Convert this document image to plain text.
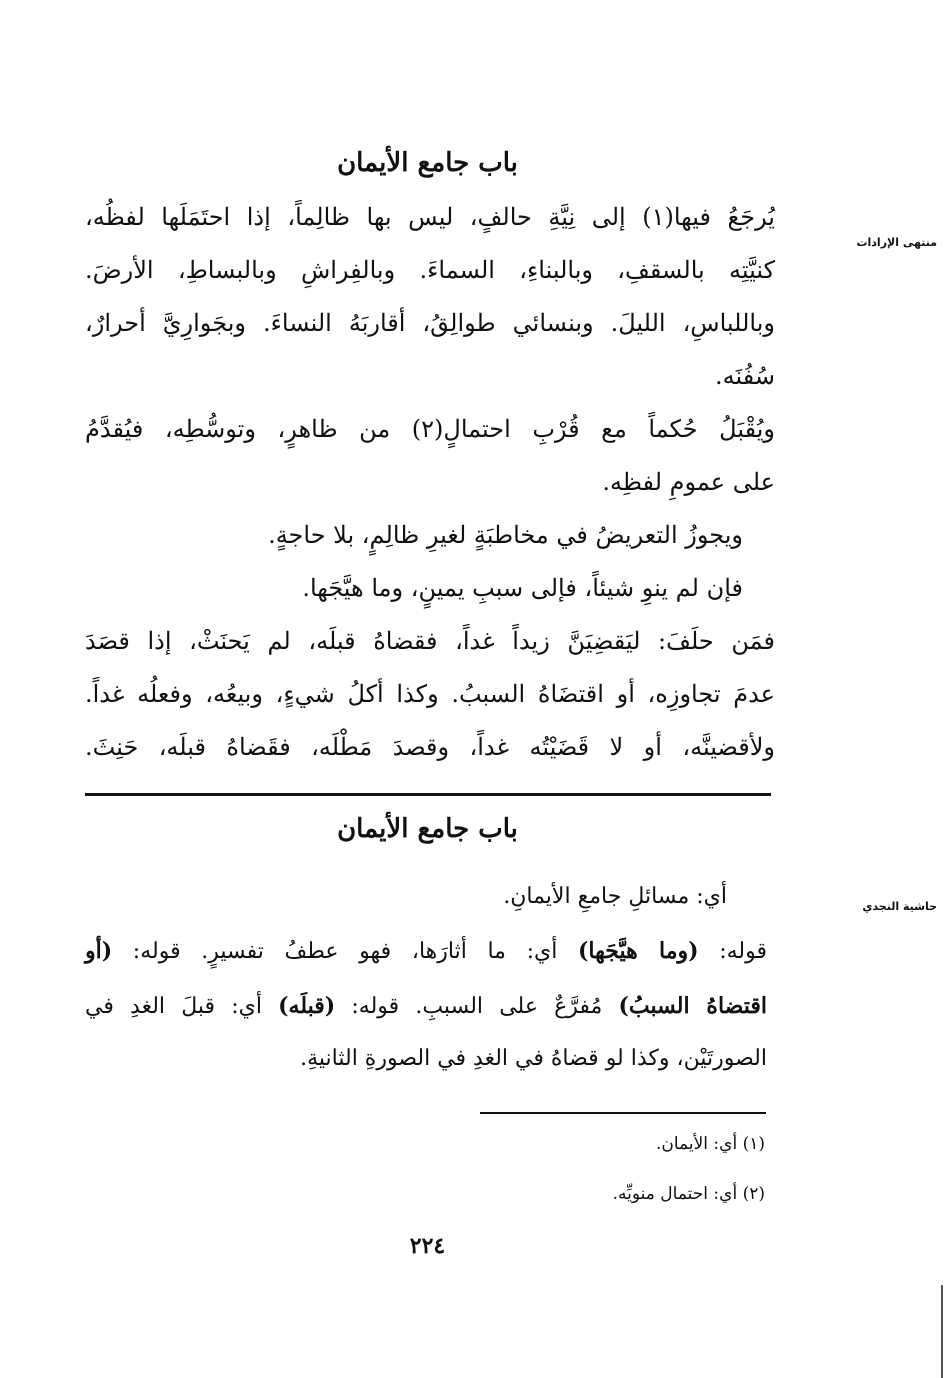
باب جامع الأيمان
منتهى الإرادات
يُرجَعُ فيها(١) إلى نِيَّةِ حالفٍ، ليس بها ظالِماً، إذا احتَمَلَها لفظُه،
كنيَّتِه بالسقفِ، وبالبناءِ، السماءَ. وبالفِراشِ وبالبساطِ، الأرضَ.
وباللباسِ، الليلَ. وبنسائي طوالِقُ، أقاربَهُ النساءَ. وبجَوارِيَّ أحرارٌ،
سُفُنَه.
ويُقْبَلُ حُكماً مع قُرْبِ احتمالٍ(٢) من ظاهرٍ، وتوسُّطِه، فيُقدَّمُ
على عمومِ لفظِه.
ويجوزُ التعريضُ في مخاطبَةٍ لغيرِ ظالِمٍ، بلا حاجةٍ.
فإن لم ينوِ شيئاً، فإلى سببِ يمينٍ، وما هيَّجَها.
فمَن حلَفَ: ليَقضِيَنَّ زيداً غداً، فقضاهُ قبلَه، لم يَحنَثْ، إذا قصَدَ
عدمَ تجاوزِه، أو اقتضَاهُ السببُ. وكذا أكلُ شيءٍ، وبيعُه، وفعلُه غداً.
ولأقضينَّه، أو لا قَضَيْتُه غداً، وقصدَ مَطْلَه، فقَضاهُ قبلَه، حَنِثَ.
باب جامع الأيمان
حاشية النجدي
أي: مسائلِ جامعِ الأيمانِ.
قوله: (وما هيَّجَها) أي: ما أثارَها، فهو عطفُ تفسيرٍ. قوله: (أو
اقتضاهُ السببُ) مُفرَّعٌ على السببِ. قوله: (قبلَه) أي: قبلَ الغدِ في
الصورتَيْن، وكذا لو قضاهُ في الغدِ في الصورةِ الثانيةِ.
(١) أي: الأيمان.
(٢) أي: احتمال منويِّه.
٢٢٤
